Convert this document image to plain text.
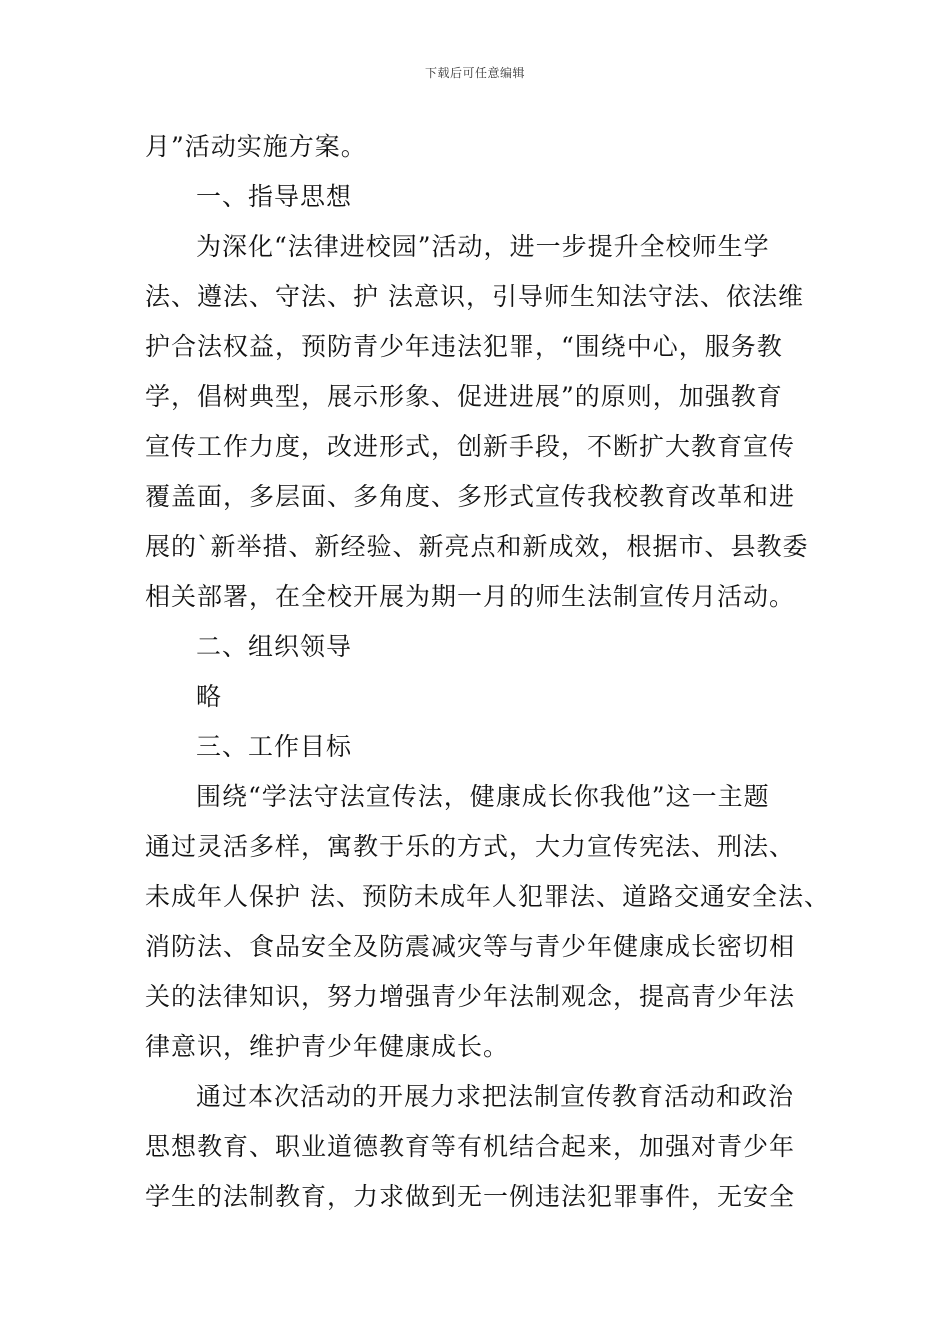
下载后可任意编辑
月”活动实施方案。
一、指导思想
为深化“法律进校园”活动，进一步提升全校师生学
法、遵法、守法、护 法意识，引导师生知法守法、依法维
护合法权益，预防青少年违法犯罪，“围绕中心，服务教
学，倡树典型，展示形象、促进进展”的原则，加强教育
宣传工作力度，改进形式，创新手段，不断扩大教育宣传
覆盖面，多层面、多角度、多形式宣传我校教育改革和进
展的`新举措、新经验、新亮点和新成效，根据市、县教委
相关部署，在全校开展为期一月的师生法制宣传月活动。
二、组织领导
略
三、工作目标
围绕“学法守法宣传法，健康成长你我他”这一主题
通过灵活多样，寓教于乐的方式，大力宣传宪法、刑法、
未成年人保护 法、预防未成年人犯罪法、道路交通安全法、
消防法、食品安全及防震减灾等与青少年健康成长密切相
关的法律知识，努力增强青少年法制观念，提高青少年法
律意识，维护青少年健康成长。
通过本次活动的开展力求把法制宣传教育活动和政治
思想教育、职业道德教育等有机结合起来，加强对青少年
学生的法制教育，力求做到无一例违法犯罪事件，无安全
